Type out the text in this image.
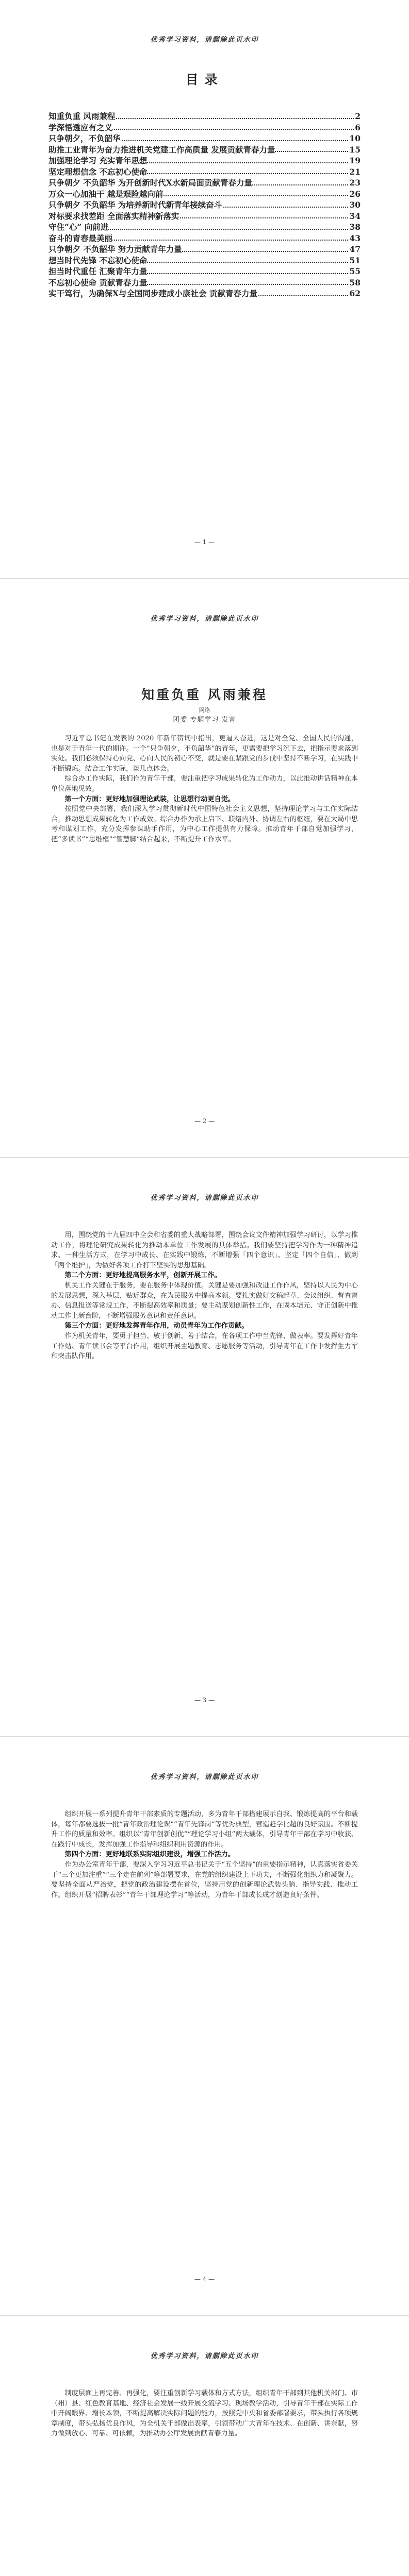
优秀学习资料，请删除此页水印
目录
知重负重 风雨兼程	2
学深悟透应有之义	6
只争朝夕，不负韶华	10
助推工业青年为奋力推进机关党建工作高质量 发展贡献青春力量	15
加强理论学习 充实青年思想	19
坚定理想信念 不忘初心使命	21
只争朝夕 不负韶华 为开创新时代X水新局面贡献青春力量	23
万众一心加油干 越是艰险越向前	26
只争朝夕 不负韶华 为培养新时代新青年接续奋斗	30
对标要求找差距 全面落实精神新落实	34
守住“心” 向前进	38
奋斗的青春最美丽	43
只争朝夕 不负韶华 努力贡献青年力量	47
想当时代先锋 不忘初心使命	51
担当时代重任 汇聚青年力量	55
不忘初心使命 贡献青春力量	58
实干笃行，为确保X与全国同步建成小康社会 贡献青春力量	62
— 1 —
优秀学习资料，请删除此页水印
知重负重 风雨兼程
网络
团委 专题学习 发言

习近平总书记在发表的 2020 年新年贺词中指出，更逼人奋进，这是对全党、全国人民的沟通，也是对于青年一代的期许。一个“只争朝夕，不负韶华”的青年，更需要把学习沉下去，把指示要求落到实处。我们必须保持心向党、心向人民的初心不变，就是要在紧跟党的步伐中坚持不断学习，在实践中不断锻炼。结合工作实际，谈几点体会。

综合办工作实际，我们作为青年干部，要注重把学习成果转化为工作动力，以此推动讲话精神在本单位落地见效。

第一个方面：更好地加强理论武装，让思想行动更自觉。

按照党中央部署，我们深入学习贯彻新时代中国特色社会主义思想，坚持理论学习与工作实际结合，推动思想成果转化为工作成效。综合办作为承上启下、联络内外、协调左右的枢纽，要在大局中思考和谋划工作，充分发挥参谋助手作用，为中心工作提供有力保障。推动青年干部自觉加强学习，把“多读书”“思维框”“智慧脚”结合起来，不断提升工作水平。

— 2 —
优秀学习资料，请删除此页水印

用，围绕党的十九届四中全会和省委的重大战略部署，围绕会议文件精神加强学习研讨，以学习推动工作，将理论研究成果转化为推动本单位工作发展的具体举措。我们要坚持把学习作为一种精神追求、一种生活方式，在学习中成长、在实践中锻炼，不断增强「四个意识」、坚定「四个自信」、做到「两个维护」，为做好各项工作打下坚实的思想基础。

第二个方面：更好地提高服务水平，创新开展工作。

机关工作关键在于服务，要在服务中体现价值。关键是要加强和改进工作作风，坚持以人民为中心的发展思想，深入基层、贴近群众，在为民服务中提高本领。要扎实做好文稿起草、会议组织、督查督办、信息报送等常规工作，不断提高效率和质量；要主动谋划创新性工作，在固本培元、守正创新中推动工作上新台阶，不断增强服务意识和责任意识。

第三个方面：更好地发挥青年作用，动员青年为工作作贡献。

作为机关青年，要勇于担当、敏于创新、善于结合，在各项工作中当先锋、做表率。要发挥好青年工作站、青年读书会等平台作用，组织开展主题教育、志愿服务等活动，引导青年在工作中发挥生力军和突击队作用。

— 3 —
优秀学习资料，请删除此页水印

组织开展一系列提升青年干部素质的专题活动，多为青年干部搭建展示自我、锻炼提高的平台和载体，每年都要选拔一批“青年政治理论课”“青年先锋岗”等优秀典型，营造赶学比超的良好氛围。不断提升工作的质量和效率。组织以“青年创新创优”“理论学习小组”两大载体，引导青年干部在学习中收获、在践行中成长，发挥加强工作指导和组织利用资源的作用。

第四个方面：更好地联系实际组织建设，增强工作活力。

作为办公室青年干部，要深入学习习近平总书记关于“五个坚持”的重要指示精神，认真落实省委关于“三个更加注重”“三个走在前列”等部署要求，在党的组织建设上下功夫，不断强化组织力和凝聚力。要坚持全面从严治党，把党的政治建设摆在首位，坚持用党的创新理论武装头脑、指导实践、推动工作。组织开展“招聘表彰”“青年干部理论学习”等活动，为青年干部成长成才创造良好条件。

— 4 —
优秀学习资料，请删除此页水印

制度层面上再完善、再强化，要注重创新学习载体和方式方法，组织青年干部到其他机关部门、市（州）县、红色教育基地、经济社会发展一线开展交流学习、现场教学活动，引导青年干部在实际工作中开阔眼界、增长本领，不断提高解决实际问题的能力，按照党中央和省委部署要求，带头执行各项规章制度，带头弘扬优良作风，为全机关干部做出表率，引领带动广大青年在技术、在创新、讲奈献，努力做到放心、可靠、可依赖，为推动办公厅发展贡献青春力量。
